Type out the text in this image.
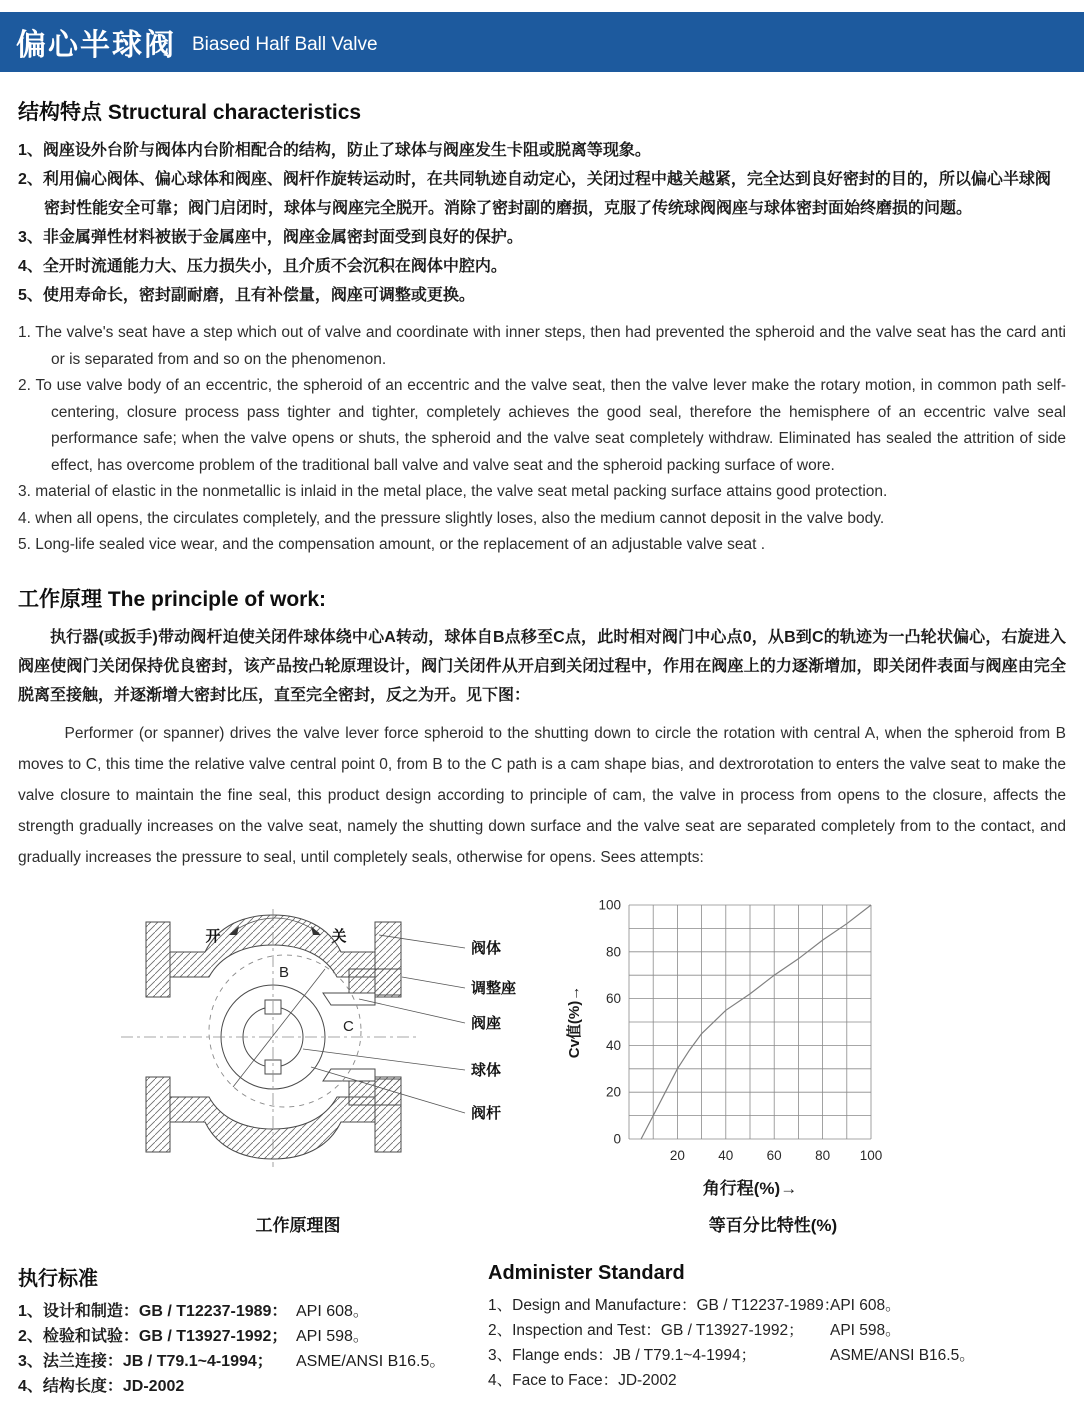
偏心半球阀 Biased Half Ball Valve
结构特点 Structural characteristics

1、阀座设外台阶与阀体内台阶相配合的结构，防止了球体与阀座发生卡阻或脱离等现象。

2、利用偏心阀体、偏心球体和阀座、阀杆作旋转运动时，在共同轨迹自动定心，关闭过程中越关越紧，完全达到良好密封的目的，所以偏心半球阀密封性能安全可靠；阀门启闭时，球体与阀座完全脱开。消除了密封副的磨损，克服了传统球阀阀座与球体密封面始终磨损的问题。

3、非金属弹性材料被嵌于金属座中，阀座金属密封面受到良好的保护。

4、全开时流通能力大、压力损失小，且介质不会沉积在阀体中腔内。

5、使用寿命长，密封副耐磨，且有补偿量，阀座可调整或更换。

1. The valve's seat have a step which out of valve and coordinate with inner steps, then had prevented the spheroid and the valve seat has the card anti or is separated from and so on the phenomenon.

2. To use valve body of an eccentric, the spheroid of an eccentric and the valve seat, then the valve lever make the rotary motion, in common path self-centering, closure process pass tighter and tighter, completely achieves the good seal, therefore the hemisphere of an eccentric valve seal performance safe; when the valve opens or shuts, the spheroid and the valve seat completely withdraw. Eliminated has sealed the attrition of side effect, has overcome problem of the traditional ball valve and valve seat and the spheroid packing surface of wore.

3. material of elastic in the nonmetallic is inlaid in the metal place, the valve seat metal packing surface attains good protection.

4. when all opens, the circulates completely, and the pressure slightly loses, also the medium cannot deposit in the valve body.

5. Long-life sealed vice wear, and the compensation amount, or the replacement of an adjustable valve seat .

工作原理 The principle of work:

执行器(或扳手)带动阀杆迫使关闭件球体绕中心A转动，球体自B点移至C点，此时相对阀门中心点0，从B到C的轨迹为一凸轮状偏心，右旋进入阀座使阀门关闭保持优良密封，该产品按凸轮原理设计，阀门关闭件从开启到关闭过程中，作用在阀座上的力逐渐增加，即关闭件表面与阀座由完全脱离至接触，并逐渐增大密封比压，直至完全密封，反之为开。见下图：

Performer (or spanner) drives the valve lever force spheroid to the shutting down to circle the rotation with central A, when the spheroid from B moves to C, this time the relative valve central point 0, from B to the C path is a cam shape bias, and dextrorotation to enters the valve seat to make the valve closure to maintain the fine seal, this product design according to principle of cam, the valve in process from opens to the closure, affects the strength gradually increases on the valve seat, namely the shutting down surface and the valve seat are separated completely from to the contact, and gradually increases the pressure to seal, until completely seals, otherwise for opens. Sees attempts:

开	关
B
C
阀体
调整座
阀座
球体
阀杆
0
20
40
60
80
100
20 40 60 80 100
Cv值(%)→
角行程(%)→
工作原理图	等百分比特性(%)
执行标准
1、设计和制造：GB / T12237-1989： API 608。
2、检验和试验：GB / T13927-1992； API 598。
3、法兰连接：JB / T79.1~4-1994； ASME/ANSI B16.5。
4、结构长度：JD-2002
Administer Standard
1、Design and Manufacture：GB / T12237-1989：
API 608。
2、Inspection and Test：GB / T13927-1992； API 598。
3、Flange ends：JB / T79.1~4-1994；	ASME/ANSI B16.5。
4、Face to Face：JD-2002
